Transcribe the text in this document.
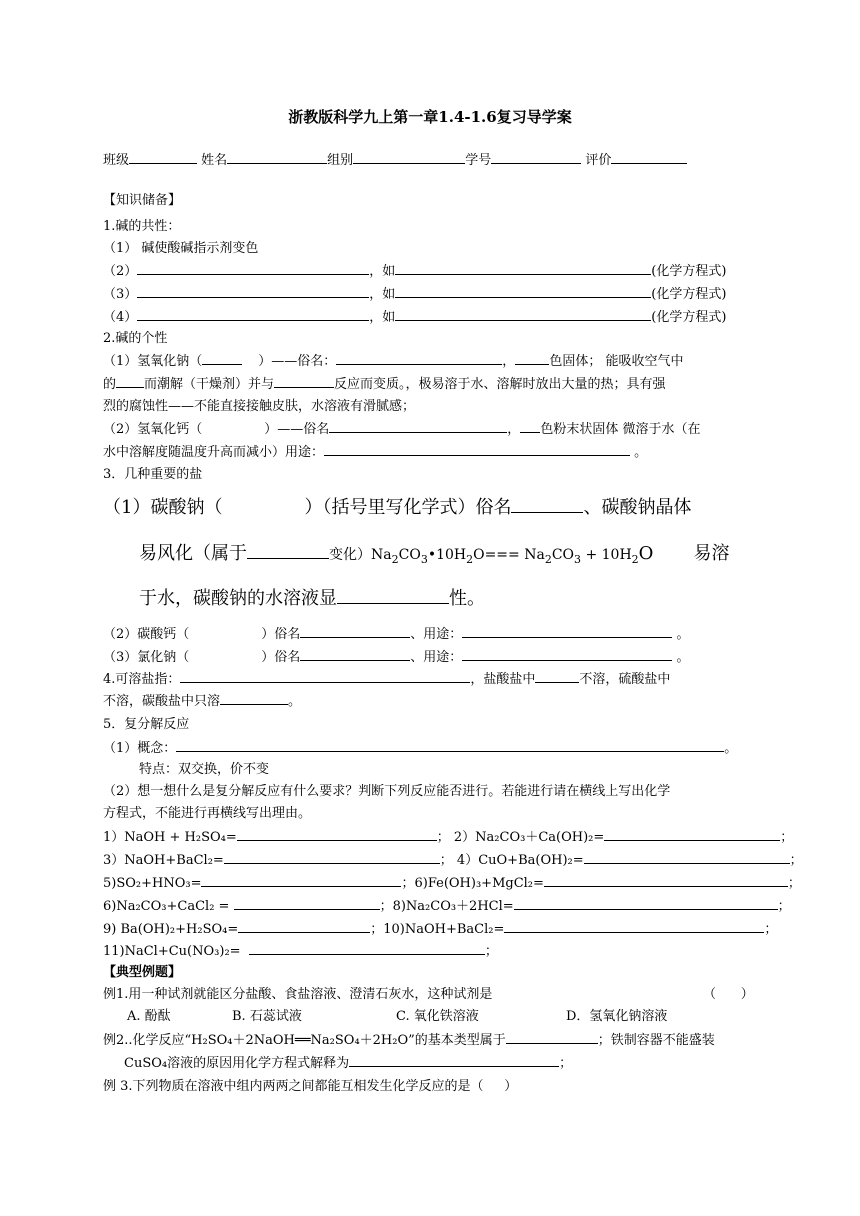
浙教版科学九上第一章1.4-1.6复习导学案
班级	姓名	组别	学号	评价
【知识储备】
1.碱的共性：
（1） 碱使酸碱指示剂变色
（2）	，如	(化学方程式)
（3）	，如	(化学方程式)
（4）	，如	(化学方程式)
2.碱的个性
（1）氢氧化钠（	）——俗名：	，	色固体； 能吸收空气中
的 而潮解（干燥剂）并与	反应而变质。，极易溶于水、溶解时放出大量的热；具有强
烈的腐蚀性——不能直接接触皮肤，水溶液有滑腻感；
（2）氢氧化钙（	）——俗名	， 色粉末状固体 微溶于水（在
水中溶解度随温度升高而减小）用途：	。
3．几种重要的盐
（1）碳酸钠（	）（括号里写化学式）俗名	、碳酸钠晶体
易风化（属于	变化）$Na_2CO_3•10H_2O=== Na_2CO_3 + 10H_2O$       易溶
于水，碳酸钠的水溶液显	性。
（2）碳酸钙（	）俗名	、用途：	。
（3）氯化钠（	）俗名	、用途：	。
4.可溶盐指：	，盐酸盐中	不溶，硫酸盐中
不溶，碳酸盐中只溶	。
5．复分解反应
（1）概念：	。
特点：双交换，价不变
（2）想一想什么是复分解反应有什么要求？判断下列反应能否进行。若能进行请在横线上写出化学
方程式，不能进行再横线写出理由。
1）NaOH + H₂SO₄=	； 2）Na₂CO₃＋Ca(OH)₂=	；
3）NaOH+BaCl₂=	； 4）CuO+Ba(OH)₂=	；
5)SO₂+HNO₃=	；6)Fe(OH)₃+MgCl₂=	；
6)Na₂CO₃+CaCl₂ =	；8)Na₂CO₃＋2HCl=	；
9) Ba(OH)₂+H₂SO₄=	；10)NaOH+BaCl₂=	；
11)NaCl+Cu(NO₃)₂=	；
【典型例题】
例1.用一种试剂就能区分盐酸、食盐溶液、澄清石灰水，这种试剂是	（      ）
A. 酚酞	B. 石蕊试液	C. 氧化铁溶液	D．氢氧化钠溶液
例2..化学反应“H₂SO₄＋2NaOH══Na₂SO₄＋2H₂O”的基本类型属于	；铁制容器不能盛装
CuSO₄溶液的原因用化学方程式解释为	；
例 3.下列物质在溶液中组内两两之间都能互相发生化学反应的是（     ）
